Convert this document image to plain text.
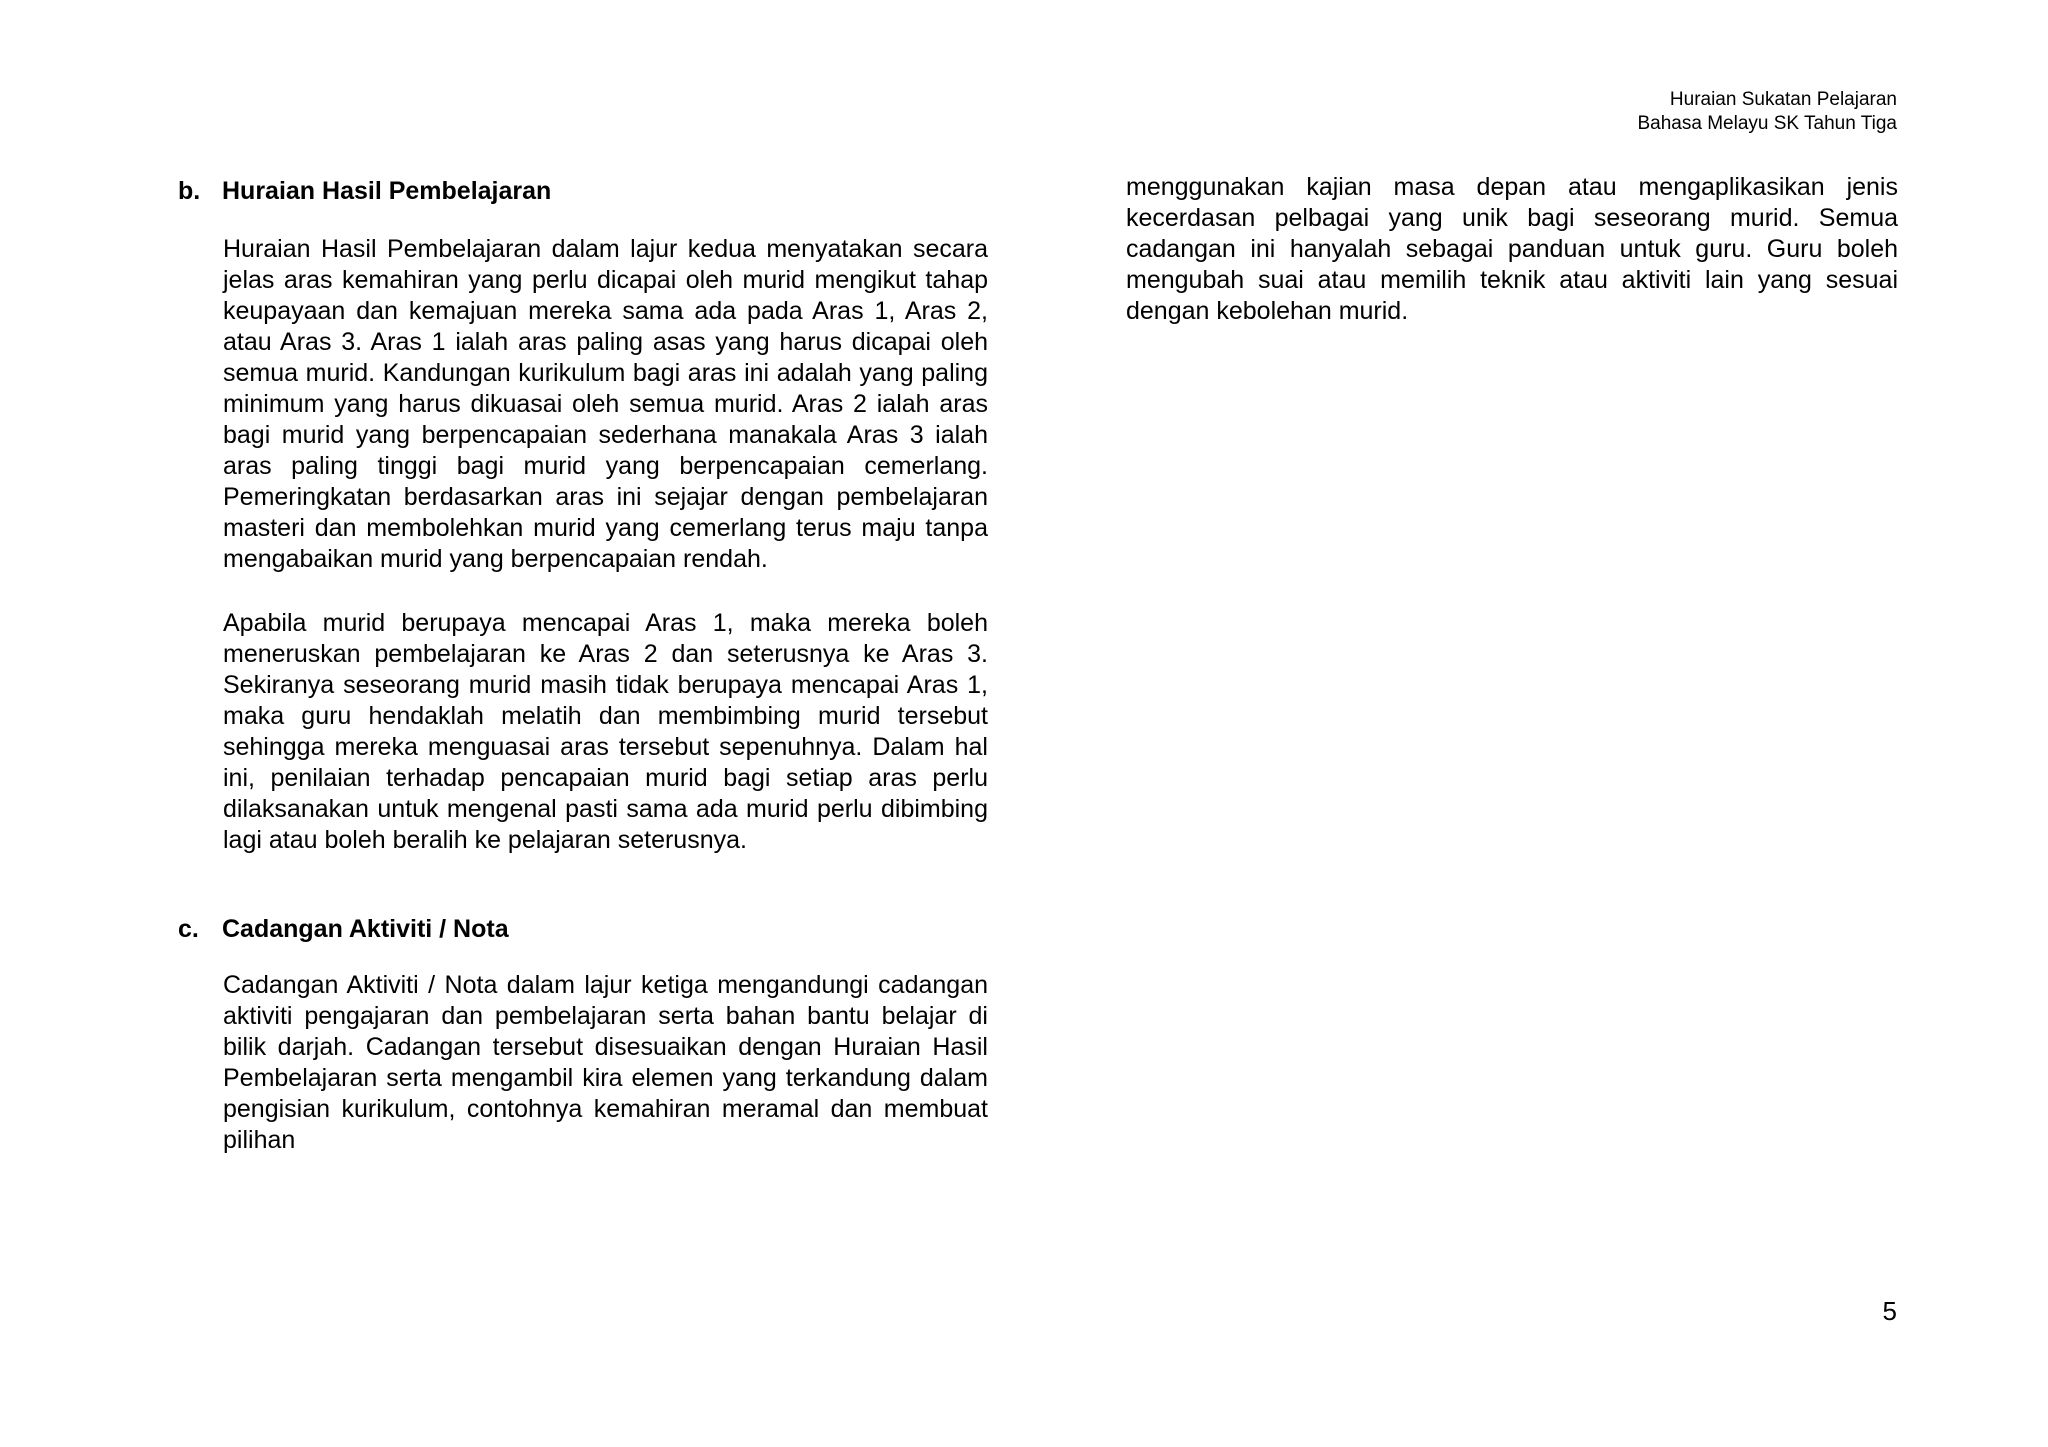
Huraian Sukatan Pelajaran
Bahasa Melayu SK Tahun Tiga
b. Huraian Hasil Pembelajaran

Huraian Hasil Pembelajaran dalam lajur kedua menyatakan secara jelas aras kemahiran yang perlu dicapai oleh murid mengikut tahap keupayaan dan kemajuan mereka sama ada pada Aras 1, Aras 2, atau Aras 3. Aras 1 ialah aras paling asas yang harus dicapai oleh semua murid. Kandungan kurikulum bagi aras ini adalah yang paling minimum yang harus dikuasai oleh semua murid. Aras 2 ialah aras bagi murid yang berpencapaian sederhana manakala Aras 3 ialah aras paling tinggi bagi murid yang berpencapaian cemerlang. Pemeringkatan berdasarkan aras ini sejajar dengan pembelajaran masteri dan membolehkan murid yang cemerlang terus maju tanpa mengabaikan murid yang berpencapaian rendah.

Apabila murid berupaya mencapai Aras 1, maka mereka boleh meneruskan pembelajaran ke Aras 2 dan seterusnya ke Aras 3. Sekiranya seseorang murid masih tidak berupaya mencapai Aras 1, maka guru hendaklah melatih dan membimbing murid tersebut sehingga mereka menguasai aras tersebut sepenuhnya. Dalam hal ini, penilaian terhadap pencapaian murid bagi setiap aras perlu dilaksanakan untuk mengenal pasti sama ada murid perlu dibimbing lagi atau boleh beralih ke pelajaran seterusnya.

c. Cadangan Aktiviti / Nota

Cadangan Aktiviti / Nota dalam lajur ketiga mengandungi cadangan aktiviti pengajaran dan pembelajaran serta bahan bantu belajar di bilik darjah. Cadangan tersebut disesuaikan dengan Huraian Hasil Pembelajaran serta mengambil kira elemen yang terkandung dalam pengisian kurikulum, contohnya kemahiran meramal dan membuat pilihan

menggunakan kajian masa depan atau mengaplikasikan jenis kecerdasan pelbagai yang unik bagi seseorang murid. Semua cadangan ini hanyalah sebagai panduan untuk guru. Guru boleh mengubah suai atau memilih teknik atau aktiviti lain yang sesuai dengan kebolehan murid.

5
